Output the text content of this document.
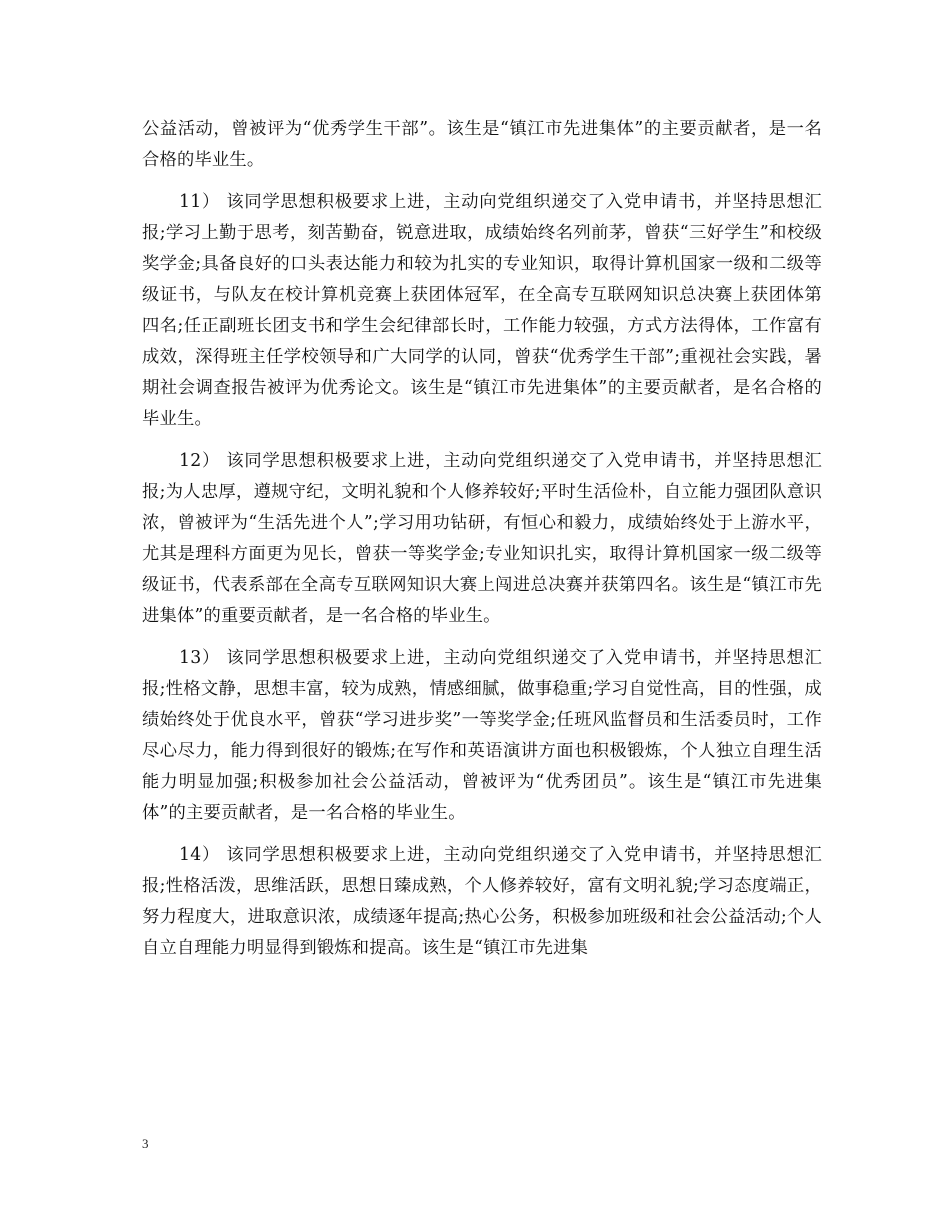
公益活动，曾被评为“优秀学生干部”。该生是“镇江市先进集体”的主要贡献者，是一名合格的毕业生。

11） 该同学思想积极要求上进，主动向党组织递交了入党申请书，并坚持思想汇报;学习上勤于思考，刻苦勤奋，锐意进取，成绩始终名列前茅，曾获“三好学生”和校级奖学金;具备良好的口头表达能力和较为扎实的专业知识，取得计算机国家一级和二级等级证书，与队友在校计算机竞赛上获团体冠军，在全高专互联网知识总决赛上获团体第四名;任正副班长团支书和学生会纪律部长时，工作能力较强，方式方法得体，工作富有成效，深得班主任学校领导和广大同学的认同，曾获“优秀学生干部”;重视社会实践，暑期社会调查报告被评为优秀论文。该生是“镇江市先进集体”的主要贡献者，是名合格的毕业生。

12） 该同学思想积极要求上进，主动向党组织递交了入党申请书，并坚持思想汇报;为人忠厚，遵规守纪，文明礼貌和个人修养较好;平时生活俭朴，自立能力强团队意识浓，曾被评为“生活先进个人”;学习用功钻研，有恒心和毅力，成绩始终处于上游水平，尤其是理科方面更为见长，曾获一等奖学金;专业知识扎实，取得计算机国家一级二级等级证书，代表系部在全高专互联网知识大赛上闯进总决赛并获第四名。该生是“镇江市先进集体”的重要贡献者，是一名合格的毕业生。

13） 该同学思想积极要求上进，主动向党组织递交了入党申请书，并坚持思想汇报;性格文静，思想丰富，较为成熟，情感细腻，做事稳重;学习自觉性高，目的性强，成绩始终处于优良水平，曾获“学习进步奖”一等奖学金;任班风监督员和生活委员时，工作尽心尽力，能力得到很好的锻炼;在写作和英语演讲方面也积极锻炼，个人独立自理生活能力明显加强;积极参加社会公益活动，曾被评为“优秀团员”。该生是“镇江市先进集体”的主要贡献者，是一名合格的毕业生。

14） 该同学思想积极要求上进，主动向党组织递交了入党申请书，并坚持思想汇报;性格活泼，思维活跃，思想日臻成熟，个人修养较好，富有文明礼貌;学习态度端正，努力程度大，进取意识浓，成绩逐年提高;热心公务，积极参加班级和社会公益活动;个人自立自理能力明显得到锻炼和提高。该生是“镇江市先进集

3
